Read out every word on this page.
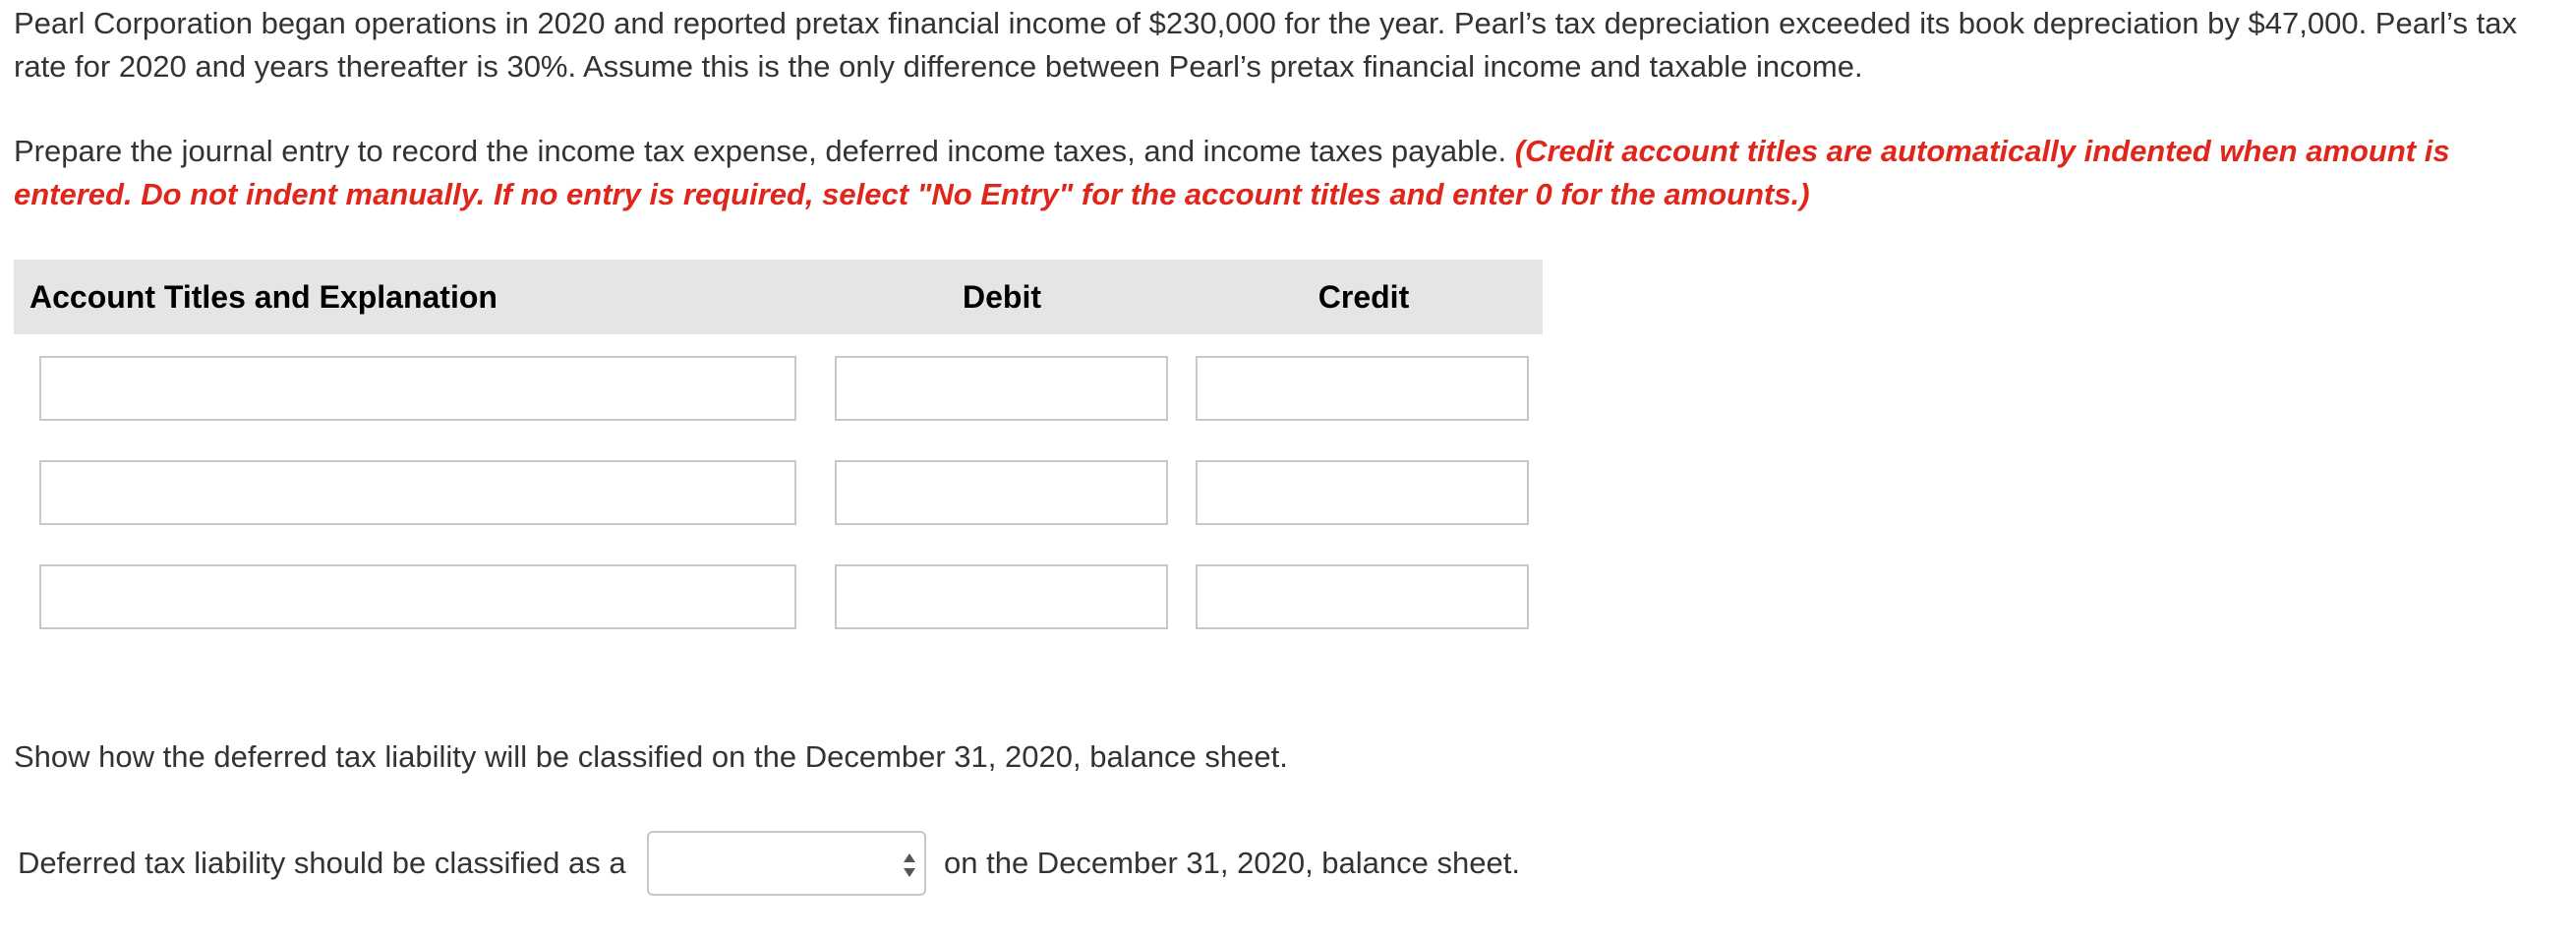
Pearl Corporation began operations in 2020 and reported pretax financial income of $230,000 for the year. Pearl’s tax depreciation exceeded its book depreciation by $47,000. Pearl’s tax rate for 2020 and years thereafter is 30%. Assume this is the only difference between Pearl’s pretax financial income and taxable income.
Prepare the journal entry to record the income tax expense, deferred income taxes, and income taxes payable. (Credit account titles are automatically indented when amount is entered. Do not indent manually. If no entry is required, select "No Entry" for the account titles and enter 0 for the amounts.)
Account Titles and Explanation	Debit	Credit
Show how the deferred tax liability will be classified on the December 31, 2020, balance sheet.
Deferred tax liability should be classified as a	on the December 31, 2020, balance sheet.
